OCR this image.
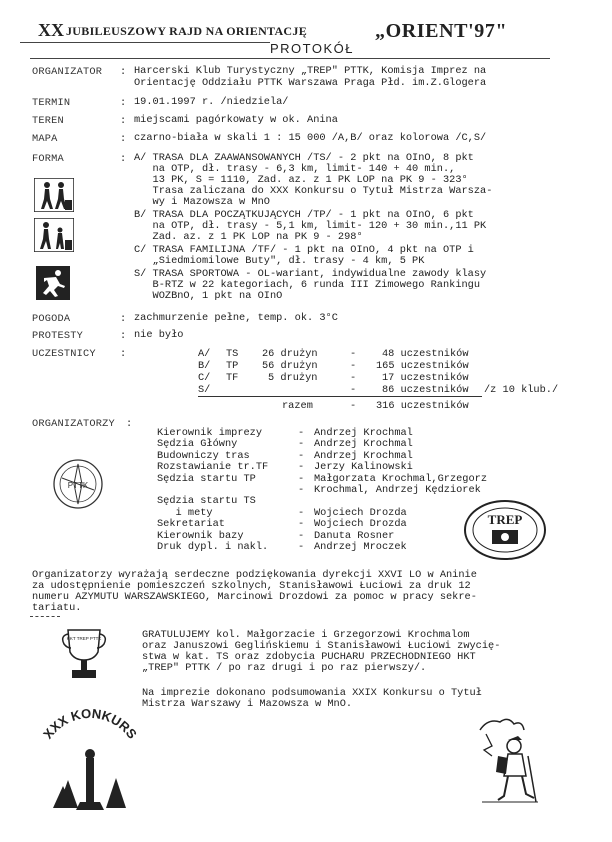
XX JUBILEUSZOWY RAJD NA ORIENTACJĘ	„ORIENT'97"
PROTOKÓŁ
ORGANIZATOR : Harcerski Klub Turystyczny „TREP" PTTK, Komisja Imprez na
Orientację Oddziału PTTK Warszawa Praga Płd. im.Z.Glogera
TERMIN	: 19.01.1997 r. /niedziela/
TEREN	: miejscami pagórkowaty w ok. Anina
MAPA	: czarno-biała w skali 1 : 15 000 /A,B/ oraz kolorowa /C,S/
FORMA	: A/ TRASA DLA ZAAWANSOWANYCH /TS/ - 2 pkt na OInO, 8 pkt
na OTP, dł. trasy - 6,3 km, limit- 140 + 40 min.,
13 PK, S = 1110, Zad. az. z 1 PK LOP na PK 9 - 323°
Trasa zaliczana do XXX Konkursu o Tytuł Mistrza Warsza-
wy i Mazowsza w MnO
B/ TRASA DLA POCZĄTKUJĄCYCH /TP/ - 1 pkt na OInO, 6 pkt
na OTP, dł. trasy - 5,1 km, limit- 120 + 30 min.,11 PK
Zad. az. z 1 PK LOP na PK 9 - 298°
C/ TRASA FAMILIJNA /TF/ - 1 pkt na OInO, 4 pkt na OTP i
„Siedmiomilowe Buty", dł. trasy - 4 km, 5 PK
S/ TRASA SPORTOWA - OL-wariant, indywidualne zawody klasy
B-RTZ w 22 kategoriach, 6 runda III Zimowego Rankingu
WOZBnO, 1 pkt na OInO
POGODA	: zachmurzenie pełne, temp. ok. 3°C
PROTESTY	: nie było
UCZESTNICY :	A/ TS 26 drużyn	-	48 uczestników
B/ TP 56 drużyn	- 165 uczestników
C/ TF	5 drużyn	-	17 uczestników
S/	-	86 uczestników /z 10 klub./
razem	- 316 uczestników
ORGANIZATORZY :
Kierownik imprezy	- Andrzej Krochmal
Sędzia Główny	- Andrzej Krochmal
Budowniczy tras	- Andrzej Krochmal
Rozstawianie tr.TF	- Jerzy Kalinowski
Sędzia startu TP	- Małgorzata Krochmal,Grzegorz
- Krochmal, Andrzej Kędziorek
Sędzia startu TS
i mety	- Wojciech Drozda
Sekretariat	- Wojciech Drozda
Kierownik bazy	- Danuta Rosner
Druk dypl. i nakl.	- Andrzej Mroczek
PTTK
TREP
Organizatorzy wyrażają serdeczne podziękowania dyrekcji XXVI LO w Aninie
za udostępnienie pomieszczeń szkolnych, Stanisławowi Łuciowi za druk 12
numeru AZYMUTU WARSZAWSKIEGO, Marcinowi Drozdowi za pomoc w pracy sekre-
tariatu.
HKT TREP PTTK	GRATULUJEMY kol. Małgorzacie i Grzegorzowi Krochmalom
oraz Januszowi Geglińskiemu i Stanisławowi Łuciowi zwycię-
stwa w kat. TS oraz zdobycia PUCHARU PRZECHODNIEGO HKT
„TREP" PTTK / po raz drugi i po raz pierwszy/.
Na imprezie dokonano podsumowania XXIX Konkursu o Tytuł
Mistrza Warszawy i Mazowsza w MnO.
XXX KONKURS
